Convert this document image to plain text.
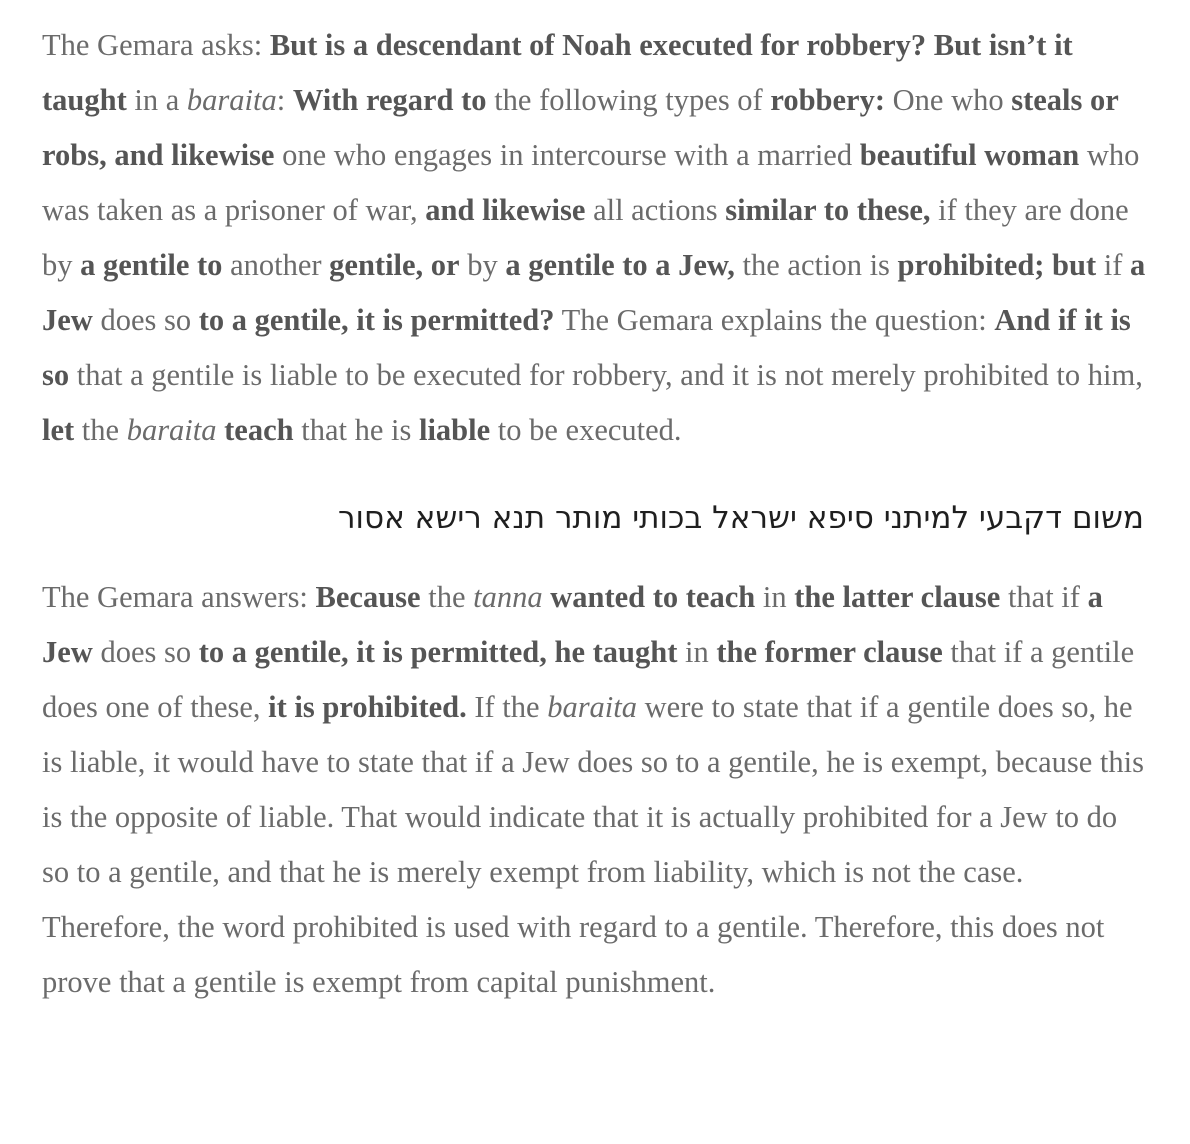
The Gemara asks: But is a descendant of Noah executed for robbery? But isn’t it taught in a baraita: With regard to the following types of robbery: One who steals or robs, and likewise one who engages in intercourse with a married beautiful woman who was taken as a prisoner of war, and likewise all actions similar to these, if they are done by a gentile to another gentile, or by a gentile to a Jew, the action is prohibited; but if a Jew does so to a gentile, it is permitted? The Gemara explains the question: And if it is so that a gentile is liable to be executed for robbery, and it is not merely prohibited to him, let the baraita teach that he is liable to be executed.

משום דקבעי למיתני סיפא ישראל בכותי מותר תנא רישא אסור

The Gemara answers: Because the tanna wanted to teach in the latter clause that if a Jew does so to a gentile, it is permitted, he taught in the former clause that if a gentile does one of these, it is prohibited. If the baraita were to state that if a gentile does so, he is liable, it would have to state that if a Jew does so to a gentile, he is exempt, because this is the opposite of liable. That would indicate that it is actually prohibited for a Jew to do so to a gentile, and that he is merely exempt from liability, which is not the case. Therefore, the word prohibited is used with regard to a gentile. Therefore, this does not prove that a gentile is exempt from capital punishment.
